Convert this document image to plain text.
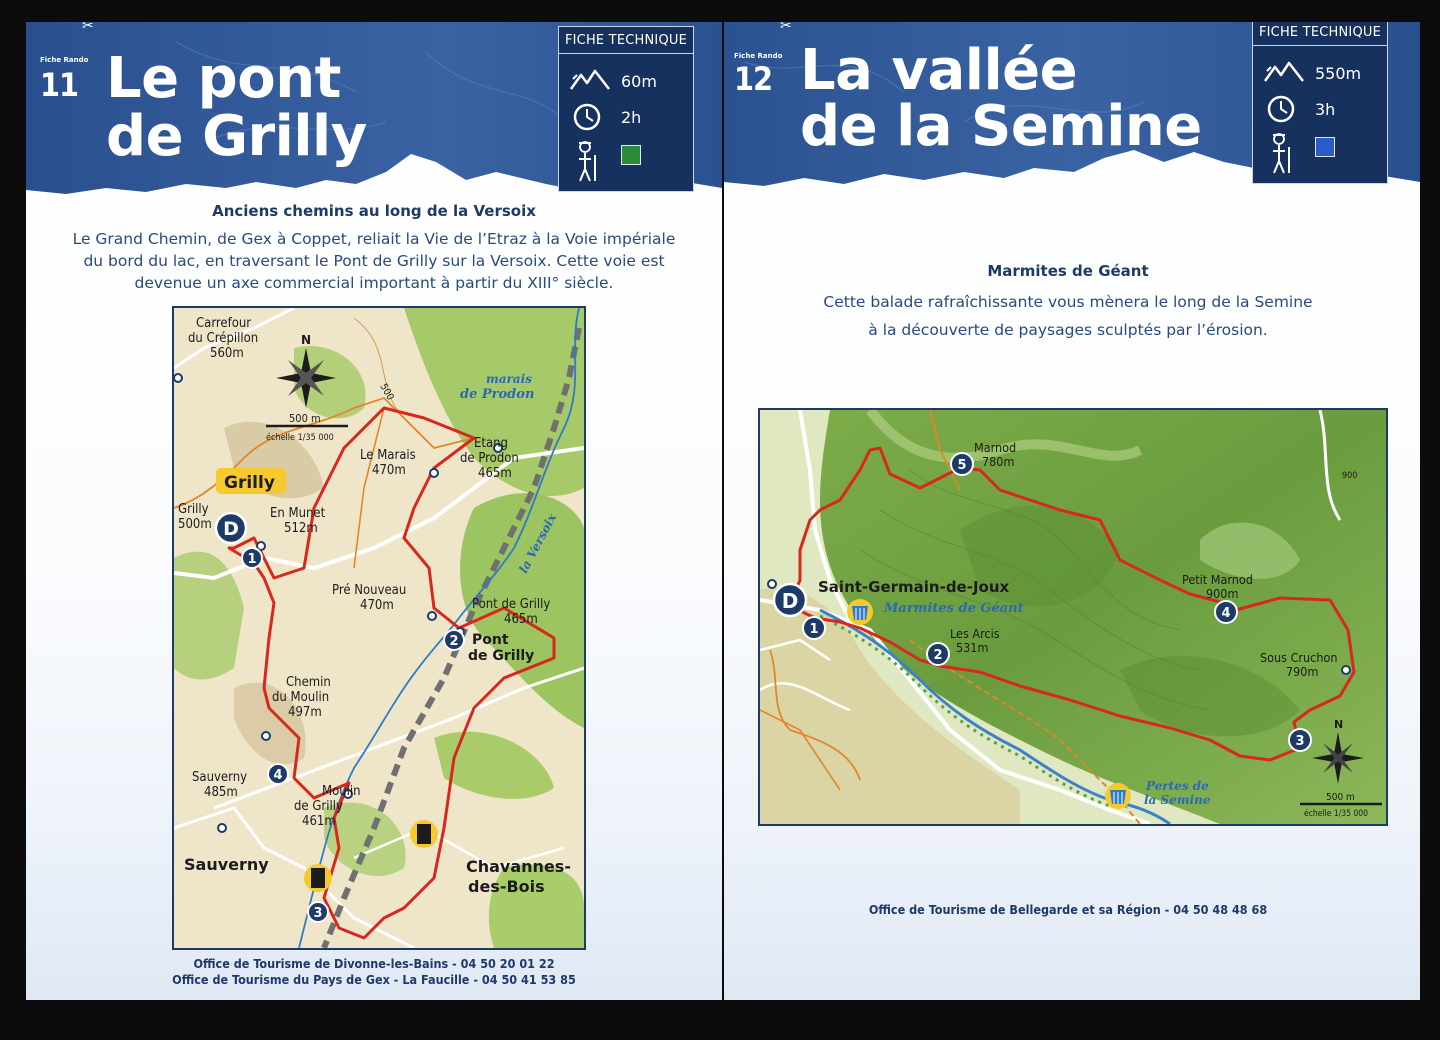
✂
Fiche Rando
11 Le pont
de Grilly
FICHE TECHNIQUE
60m
2h
Anciens chemins au long de la Versoix

Le Grand Chemin, de Gex à Coppet, reliait la Vie de l’Etraz à la Voie impériale

du bord du lac, en traversant le Pont de Grilly sur la Versoix. Cette voie est

devenue un axe commercial important à partir du XIII° siècle.

500
N
500 m
échelle 1/35 000
Grilly
Carrefour
du Crépillon
560m
marais
de Prodon
Le Marais
470m
Etang
de Prodon
465m
Grilly
500m
En Munet
512m	la Versoix
Pré Nouveau
470m	Pont de Grilly
465m
Pont
de Grilly
Chemin
du Moulin
497m
Sauverny
485m	Moulin
de Grilly
461m
Sauverny	Chavannes-
des-Bois
i
i
D
1
2
3
4

Office de Tourisme de Divonne-les-Bains - 04 50 20 01 22

Office de Tourisme du Pays de Gex - La Faucille - 04 50 41 53 85

✂
Fiche Rando
12 La vallée
de la Semine
FICHE TECHNIQUE
550m
3h
Marmites de Géant

Cette balade rafraîchissante vous mènera le long de la Semine

à la découverte de paysages sculptés par l’érosion.

900
N
500 m
échelle 1/35 000
Marnod
780m
Saint-Germain-de-Joux
Marmites de Géant
Les Arcis
531m
Petit Marnod
900m
Sous Cruchon
790m
Pertes de
la Semine
D
1
2
3
4
5

Office de Tourisme de Bellegarde et sa Région - 04 50 48 48 68
